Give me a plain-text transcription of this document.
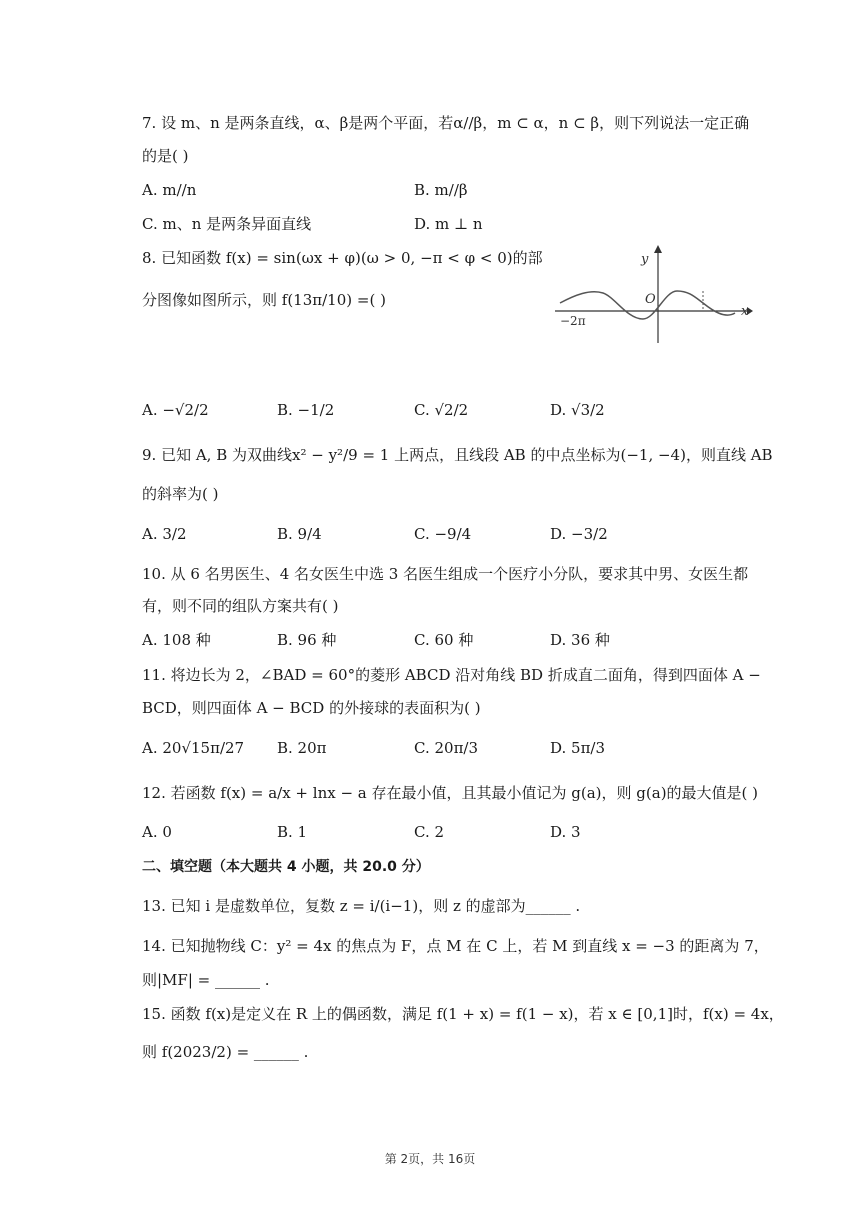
7. 设 m、n 是两条直线，α、β是两个平面，若α//β，m ⊂ α，n ⊂ β，则下列说法一定正确
的是( )
A. m//n	B. m//β
C. m、n 是两条异面直线	D. m ⊥ n
8. 已知函数 f(x) = sin(ωx + φ)(ω > 0, −π < φ < 0)的部
分图像如图所示，则 f(13π/10) =( )
y
x
O
−2π
A. −√2/2	B. −1/2	C. √2/2	D. √3/2
9. 已知 A, B 为双曲线x² − y²/9 = 1 上两点，且线段 AB 的中点坐标为(−1, −4)，则直线 AB
的斜率为( )
A. 3/2	B. 9/4	C. −9/4	D. −3/2
10. 从 6 名男医生、4 名女医生中选 3 名医生组成一个医疗小分队，要求其中男、女医生都
有，则不同的组队方案共有( )
A. 108 种	B. 96 种	C. 60 种	D. 36 种
11. 将边长为 2，∠BAD = 60°的菱形 ABCD 沿对角线 BD 折成直二面角，得到四面体 A −
BCD，则四面体 A − BCD 的外接球的表面积为( )
A. 20√15π/27 B. 20π	C. 20π/3	D. 5π/3
12. 若函数 f(x) = a/x + lnx − a 存在最小值，且其最小值记为 g(a)，则 g(a)的最大值是( )
A. 0	B. 1	C. 2	D. 3
二、填空题（本大题共 4 小题，共 20.0 分）
13. 已知 i 是虚数单位，复数 z = i/(i−1)，则 z 的虚部为______ .
14. 已知抛物线 C：y² = 4x 的焦点为 F，点 M 在 C 上，若 M 到直线 x = −3 的距离为 7，
则|MF| = ______ .
15. 函数 f(x)是定义在 R 上的偶函数，满足 f(1 + x) = f(1 − x)，若 x ∈ [0,1]时，f(x) = 4x，
则 f(2023/2) = ______ .
第 2页，共 16页
